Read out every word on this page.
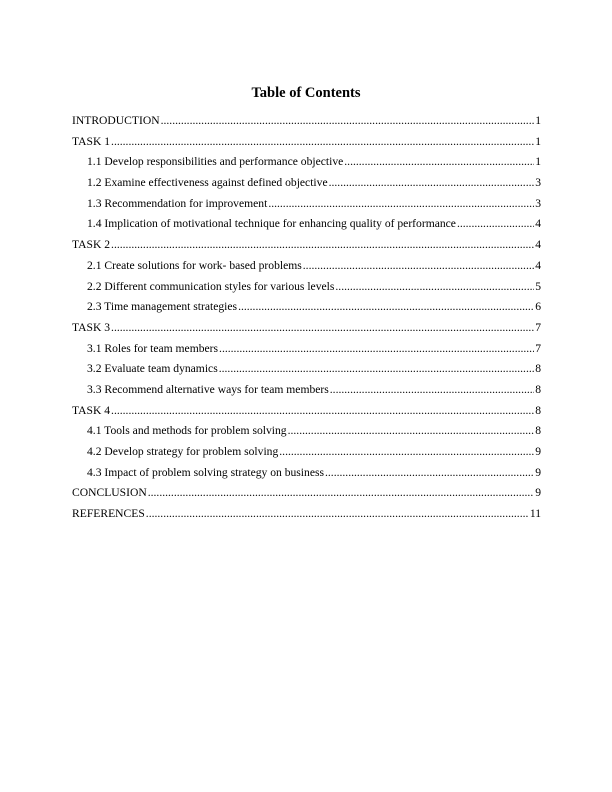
Table of Contents
INTRODUCTION .....	1
TASK 1 .....	1
1.1 Develop responsibilities and performance objective .....	1
1.2 Examine effectiveness against defined objective .....	3
1.3 Recommendation for improvement .....	3
1.4 Implication of motivational technique for enhancing quality of performance .....	4
TASK 2 .....	4
2.1 Create solutions for work- based problems .....	4
2.2 Different communication styles for various levels .....	5
2.3 Time management strategies .....	6
TASK 3 .....	7
3.1 Roles for team members .....	7
3.2 Evaluate team dynamics .....	8
3.3 Recommend alternative ways for team members .....	8
TASK 4 .....	8
4.1 Tools and methods for problem solving .....	8
4.2 Develop strategy for problem solving .....	9
4.3 Impact of problem solving strategy on business .....	9
CONCLUSION .....	9
REFERENCES .....	11
